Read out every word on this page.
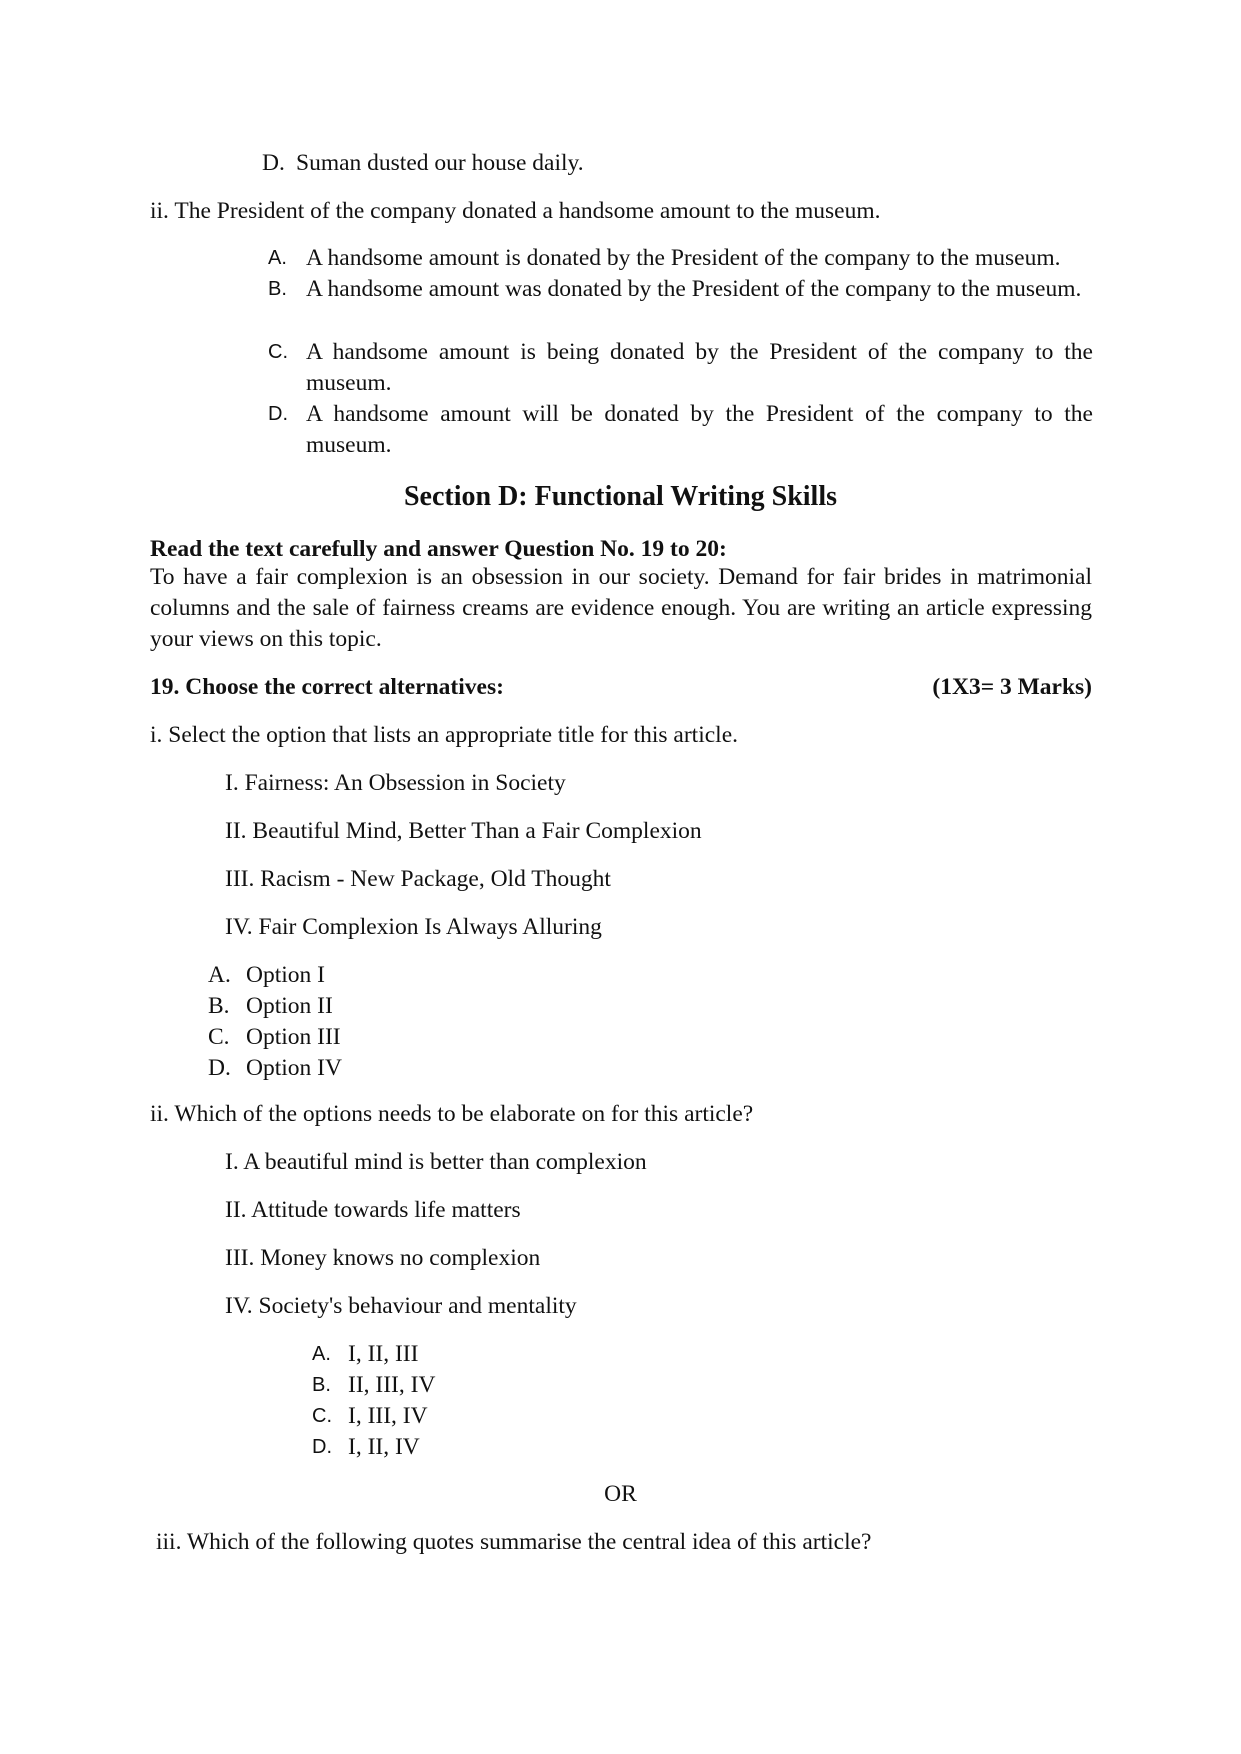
D. Suman dusted our house daily.
ii. The President of the company donated a handsome amount to the museum.
A. A handsome amount is donated by the President of the company to the museum.
B. A handsome amount was donated by the President of the company to the museum.
C. A handsome amount is being donated by the President of the company to the museum.
D. A handsome amount will be donated by the President of the company to the museum.
Section D: Functional Writing Skills
Read the text carefully and answer Question No. 19 to 20:
To have a fair complexion is an obsession in our society. Demand for fair brides in matrimonial columns and the sale of fairness creams are evidence enough. You are writing an article expressing your views on this topic.
19. Choose the correct alternatives:	(1X3= 3 Marks)
i. Select the option that lists an appropriate title for this article.
I. Fairness: An Obsession in Society
II. Beautiful Mind, Better Than a Fair Complexion
III. Racism - New Package, Old Thought
IV. Fair Complexion Is Always Alluring
A. Option I
B. Option II
C. Option III
D. Option IV
ii. Which of the options needs to be elaborate on for this article?
I. A beautiful mind is better than complexion
II. Attitude towards life matters
III. Money knows no complexion
IV. Society's behaviour and mentality
A. I, II, III
B. II, III, IV
C. I, III, IV
D. I, II, IV
OR
iii. Which of the following quotes summarise the central idea of this article?
